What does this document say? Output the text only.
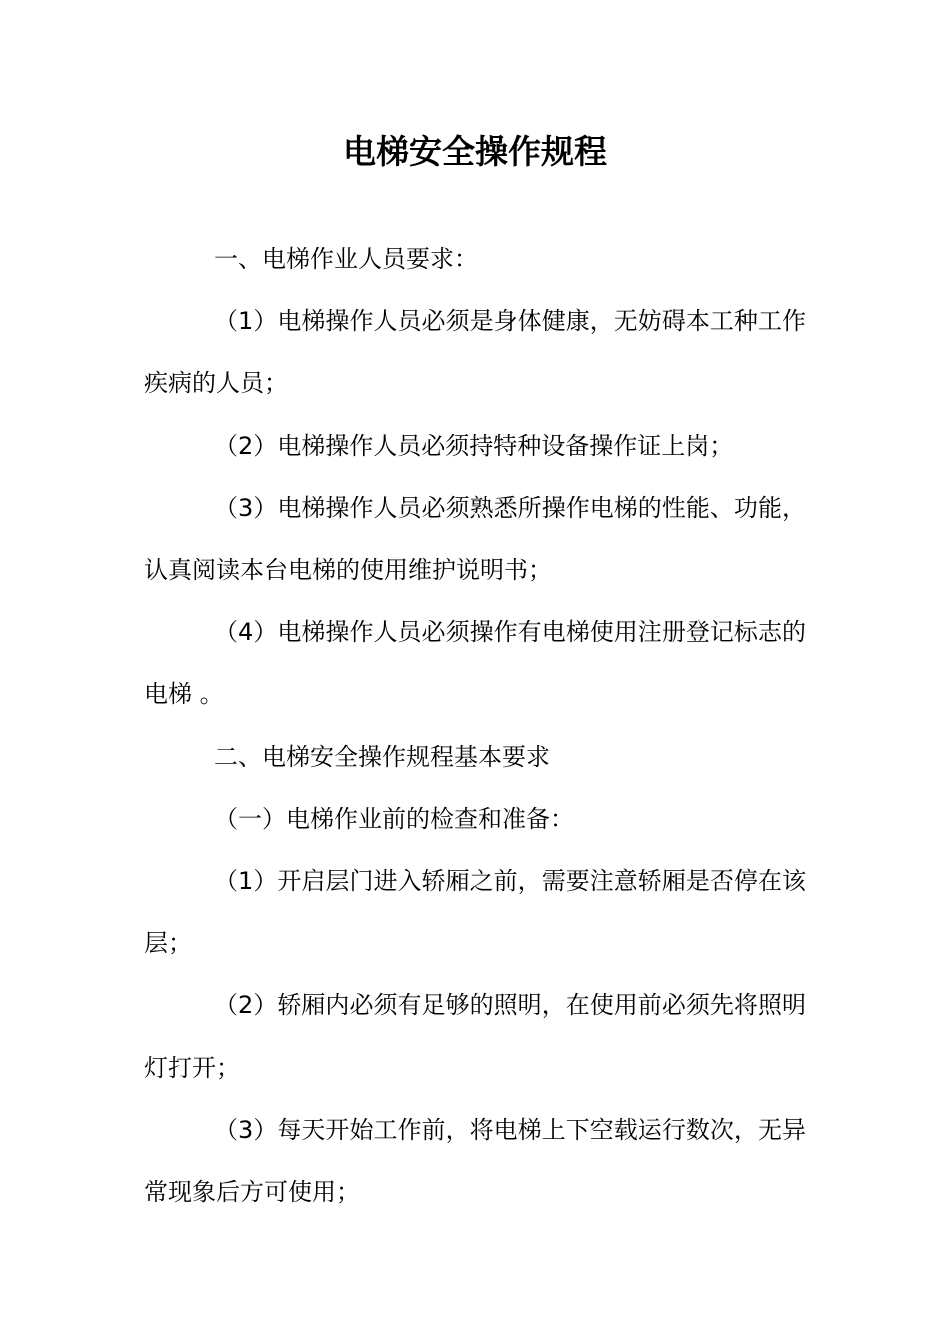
电梯安全操作规程

一、电梯作业人员要求：

（1）电梯操作人员必须是身体健康，无妨碍本工种工作疾病的人员；

（2）电梯操作人员必须持特种设备操作证上岗；

（3）电梯操作人员必须熟悉所操作电梯的性能、功能，认真阅读本台电梯的使用维护说明书；

（4）电梯操作人员必须操作有电梯使用注册登记标志的电梯 。

二、电梯安全操作规程基本要求

（一）电梯作业前的检查和准备：

（1）开启层门进入轿厢之前，需要注意轿厢是否停在该层；

（2）轿厢内必须有足够的照明，在使用前必须先将照明灯打开；

（3）每天开始工作前，将电梯上下空载运行数次，无异常现象后方可使用；
